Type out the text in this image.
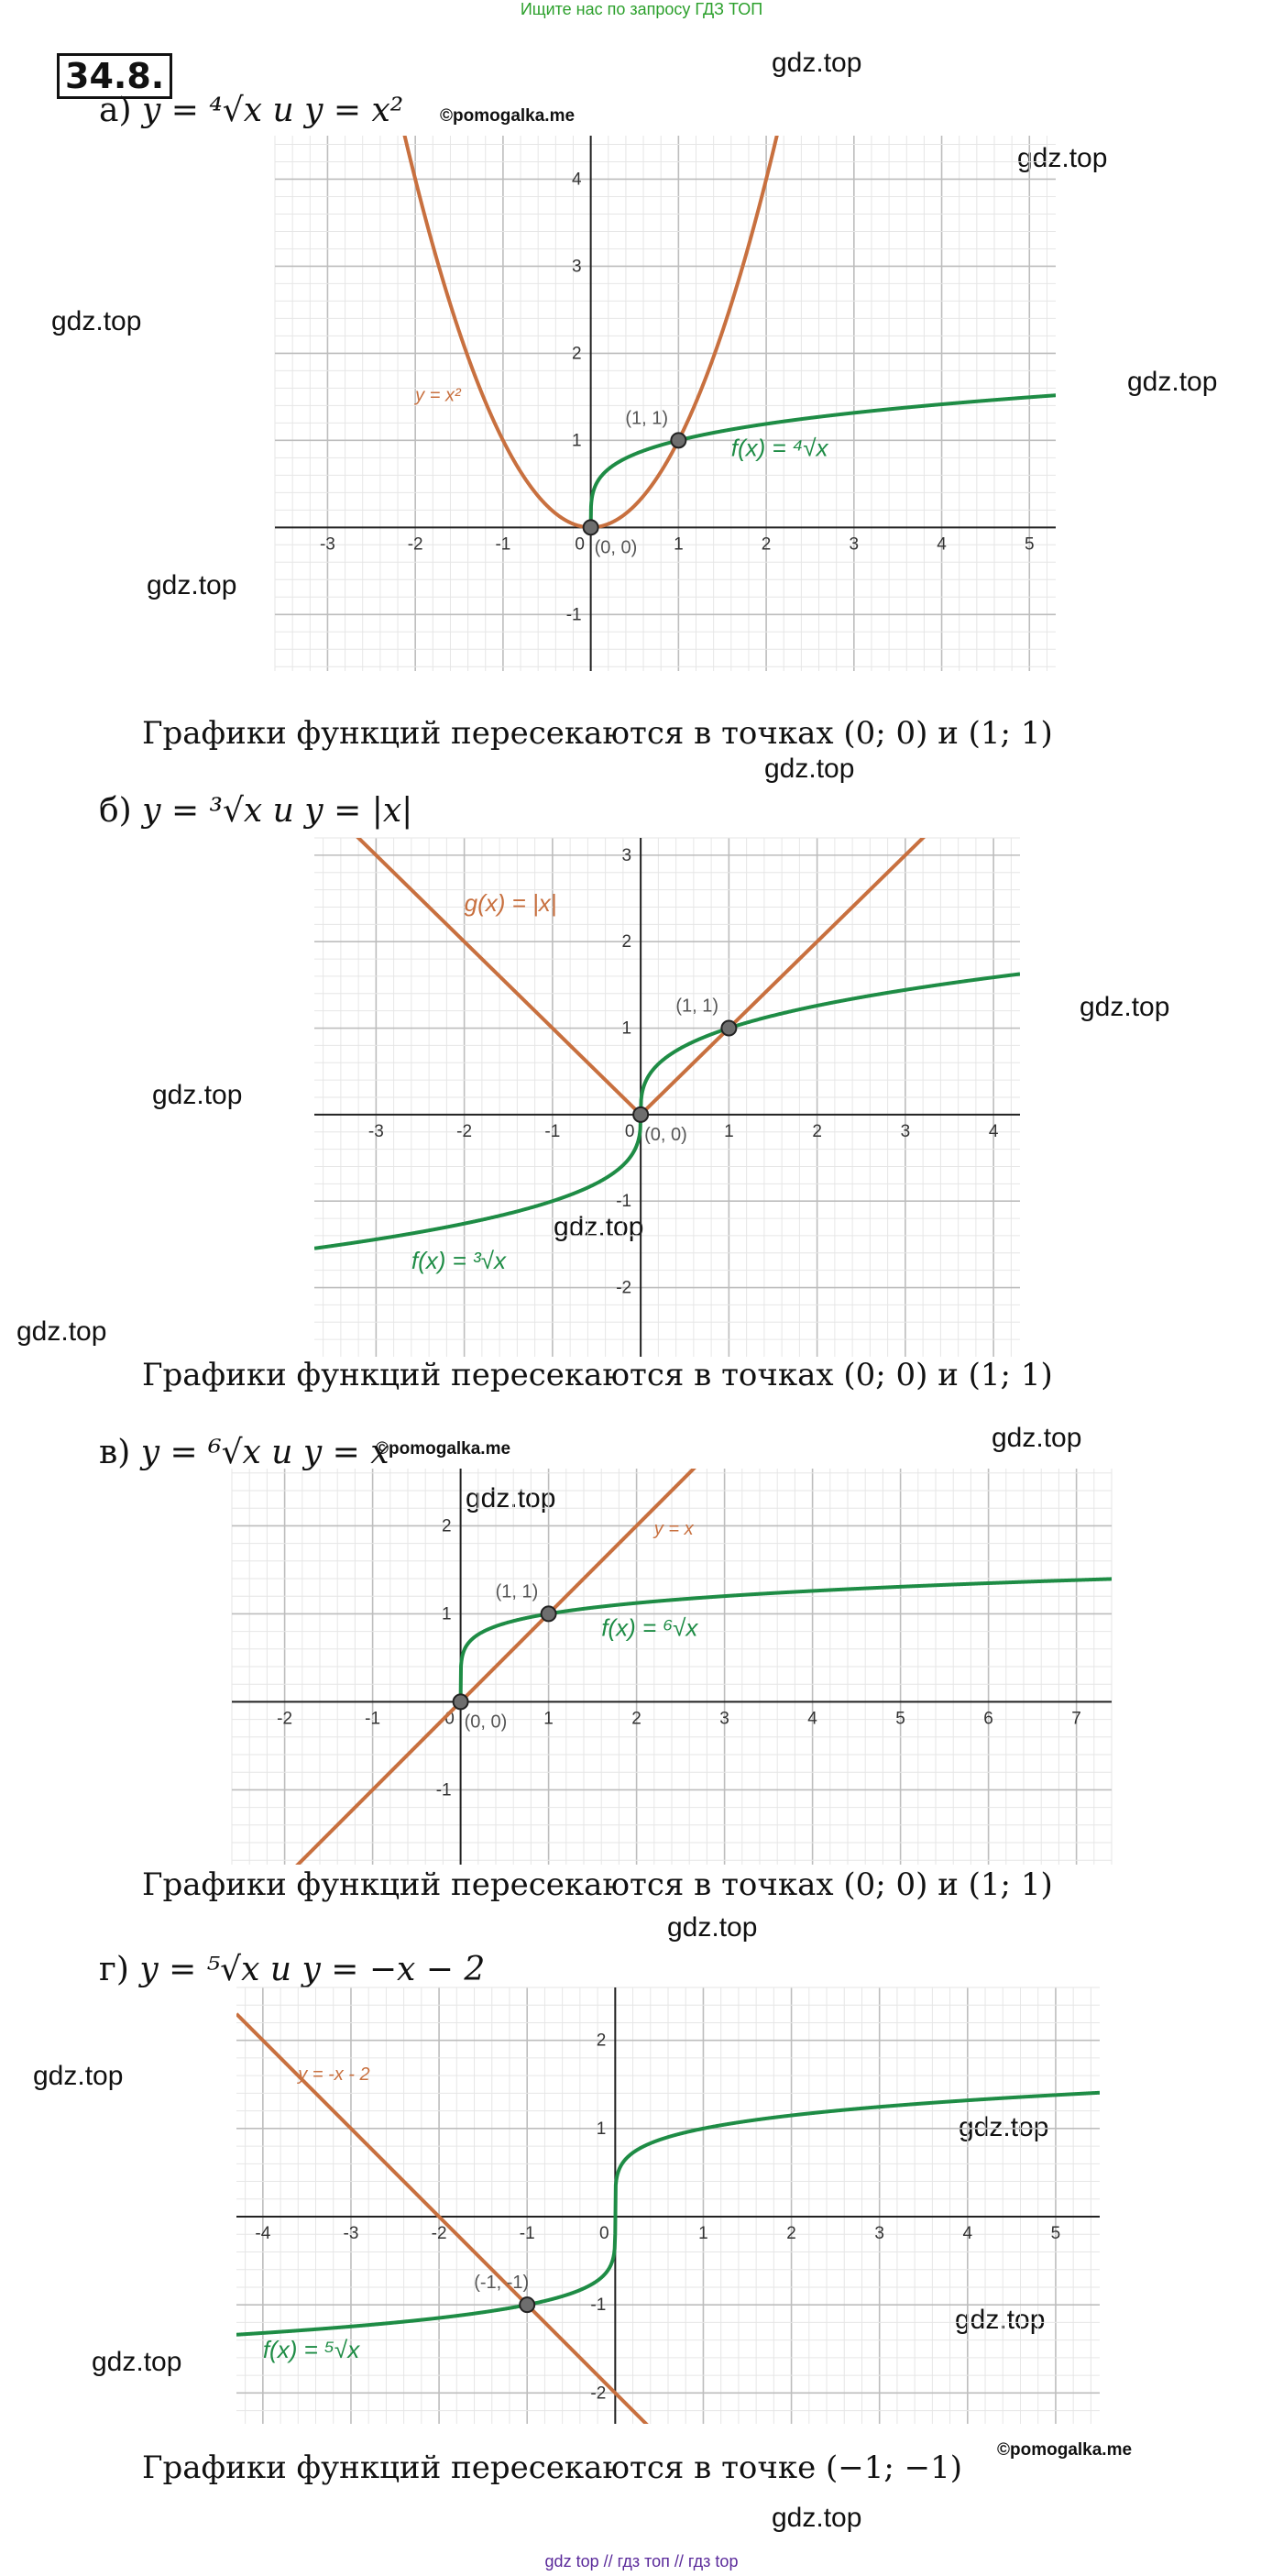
Ищите нас по запросу ГДЗ ТОП
34.8.
а) y = ⁴√x и y = x²
б) y = ³√x и y = |x|
в) y = ⁶√x и y = x
г) y = ⁵√x и y = −x − 2
Графики функций пересекаются в точках (0; 0) и (1; 1)
Графики функций пересекаются в точках (0; 0) и (1; 1)
Графики функций пересекаются в точках (0; 0) и (1; 1)
Графики функций пересекаются в точке (−1; −1)
©pomogalka.me
©pomogalka.me
©pomogalka.me
gdz.top
gdz.top
gdz.top
gdz.top
gdz.top
gdz.top
gdz.top
gdz.top
gdz.top
gdz.top
gdz.top
gdz.top
gdz.top
gdz.top
gdz.top
gdz.top
gdz.top
gdz.top
-3	-2	-1	0	1	2	3	4	5
-1
1
2
3
4
y = x²
f(x) = ⁴√x
(0, 0)
(1, 1)
-3	-2	-1	0	1	2	3	4
-2
-1
1
2
3
g(x) = |x|
f(x) = ³√x
(0, 0)
(1, 1)
-2	-1	0	1	2	3	4	5	6	7
-1
1
2	y = x
f(x) = ⁶√x
(0, 0)
(1, 1)
-4	-3	-2	-1	0	1	2	3	4	5
-2
-1
1
2
y = -x - 2
f(x) = ⁵√x
(-1, -1)
gdz top // гдз топ // гдз top
